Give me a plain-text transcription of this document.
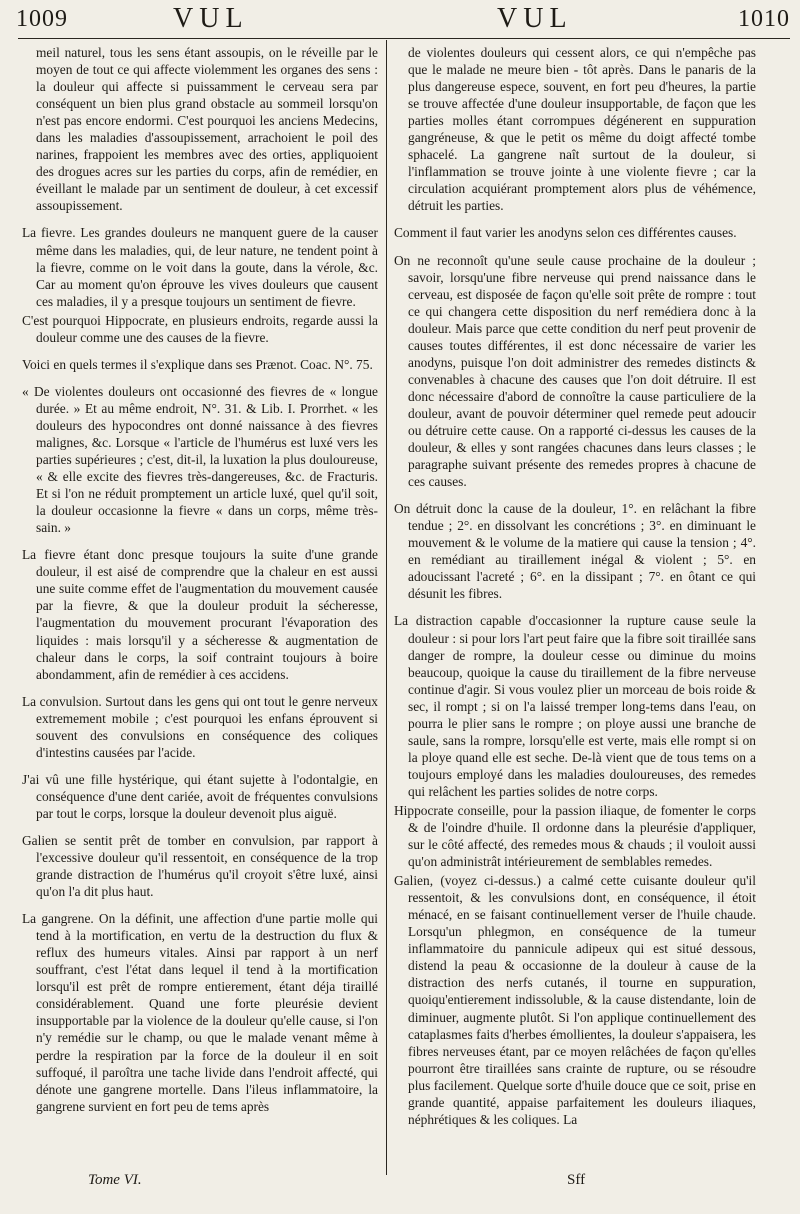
1009	VUL	VUL	1010

meil naturel, tous les sens étant assoupis, on le réveille par le moyen de tout ce qui affecte violemment les organes des sens : la douleur qui affecte si puissamment le cerveau sera par conséquent un bien plus grand obstacle au sommeil lorsqu'on n'est pas encore endormi. C'est pourquoi les anciens Medecins, dans les maladies d'assoupissement, arrachoient le poil des narines, frappoient les membres avec des orties, appliquoient des drogues acres sur les parties du corps, afin de remédier, en éveillant le malade par un sentiment de douleur, à cet excessif assoupissement.

La fievre. Les grandes douleurs ne manquent guere de la causer même dans les maladies, qui, de leur nature, ne tendent point à la fievre, comme on le voit dans la goute, dans la vérole, &c. Car au moment qu'on éprouve les vives douleurs que causent ces maladies, il y a presque toujours un sentiment de fievre.

C'est pourquoi Hippocrate, en plusieurs endroits, regarde aussi la douleur comme une des causes de la fievre.

Voici en quels termes il s'explique dans ses Prænot. Coac. N°. 75.

« De violentes douleurs ont occasionné des fievres de « longue durée. » Et au même endroit, N°. 31. & Lib. I. Prorrhet. « les douleurs des hypocondres ont donné naissance à des fievres malignes, &c. Lorsque « l'article de l'humérus est luxé vers les parties supérieures ; c'est, dit-il, la luxation la plus douloureuse, « & elle excite des fievres très-dangereuses, &c. de Fracturis. Et si l'on ne réduit promptement un article luxé, quel qu'il soit, la douleur occasionne la fievre « dans un corps, même très-sain. »

La fievre étant donc presque toujours la suite d'une grande douleur, il est aisé de comprendre que la chaleur en est aussi une suite comme effet de l'augmentation du mouvement causée par la fievre, & que la douleur produit la sécheresse, l'augmentation du mouvement procurant l'évaporation des liquides : mais lorsqu'il y a sécheresse & augmentation de chaleur dans le corps, la soif contraint toujours à boire abondamment, afin de remédier à ces accidens.

La convulsion. Surtout dans les gens qui ont tout le genre nerveux extremement mobile ; c'est pourquoi les enfans éprouvent si souvent des convulsions en conséquence des coliques d'intestins causées par l'acide.

J'ai vû une fille hystérique, qui étant sujette à l'odontalgie, en conséquence d'une dent cariée, avoit de fréquentes convulsions par tout le corps, lorsque la douleur devenoit plus aiguë.

Galien se sentit prêt de tomber en convulsion, par rapport à l'excessive douleur qu'il ressentoit, en conséquence de la trop grande distraction de l'humérus qu'il croyoit s'être luxé, ainsi qu'on l'a dit plus haut.

La gangrene. On la définit, une affection d'une partie molle qui tend à la mortification, en vertu de la destruction du flux & reflux des humeurs vitales. Ainsi par rapport à un nerf souffrant, c'est l'état dans lequel il tend à la mortification lorsqu'il est prêt de rompre entierement, étant déja tiraillé considérablement. Quand une forte pleurésie devient insupportable par la violence de la douleur qu'elle cause, si l'on n'y remédie sur le champ, ou que le malade venant même à perdre la respiration par la force de la douleur il en soit suffoqué, il paroîtra une tache livide dans l'endroit affecté, qui dénote une gangrene mortelle. Dans l'ileus inflammatoire, la gangrene survient en fort peu de tems après

de violentes douleurs qui cessent alors, ce qui n'empêche pas que le malade ne meure bien - tôt après. Dans le panaris de la plus dangereuse espece, souvent, en fort peu d'heures, la partie se trouve affectée d'une douleur insupportable, de façon que les parties molles étant corrompues dégénerent en suppuration gangréneuse, & que le petit os même du doigt affecté tombe sphacelé. La gangrene naît surtout de la douleur, si l'inflammation se trouve jointe à une violente fievre ; car la circulation acquiérant promptement alors plus de véhémence, détruit les parties.

Comment il faut varier les anodyns selon ces différentes causes.

On ne reconnoît qu'une seule cause prochaine de la douleur ; savoir, lorsqu'une fibre nerveuse qui prend naissance dans le cerveau, est disposée de façon qu'elle soit prête de rompre : tout ce qui changera cette disposition du nerf remédiera donc à la douleur. Mais parce que cette condition du nerf peut provenir de causes toutes différentes, il est donc nécessaire de varier les anodyns, puisque l'on doit administrer des remedes distincts & convenables à chacune des causes que l'on doit détruire. Il est donc nécessaire d'abord de connoître la cause particuliere de la douleur, avant de pouvoir déterminer quel remede peut adoucir ou détruire cette cause. On a rapporté ci-dessus les causes de la douleur, & elles y sont rangées chacunes dans leurs classes ; le paragraphe suivant présente des remedes propres à chacune de ces causes.

On détruit donc la cause de la douleur, 1°. en relâchant la fibre tendue ; 2°. en dissolvant les concrétions ; 3°. en diminuant le mouvement & le volume de la matiere qui cause la tension ; 4°. en remédiant au tiraillement inégal & violent ; 5°. en adoucissant l'acreté ; 6°. en la dissipant ; 7°. en ôtant ce qui désunit les fibres.

La distraction capable d'occasionner la rupture cause seule la douleur : si pour lors l'art peut faire que la fibre soit tiraillée sans danger de rompre, la douleur cesse ou diminue du moins beaucoup, quoique la cause du tiraillement de la fibre nerveuse continue d'agir. Si vous voulez plier un morceau de bois roide & sec, il rompt ; si on l'a laissé tremper long-tems dans l'eau, on pourra le plier sans le rompre ; on ploye aussi une branche de saule, sans la rompre, lorsqu'elle est verte, mais elle rompt si on la ploye quand elle est seche. De-là vient que de tous tems on a toujours employé dans les maladies douloureuses, des remedes qui relâchent les parties solides de notre corps.

Hippocrate conseille, pour la passion iliaque, de fomenter le corps & de l'oindre d'huile. Il ordonne dans la pleurésie d'appliquer, sur le côté affecté, des remedes mous & chauds ; il vouloit aussi qu'on administrât intérieurement de semblables remedes.

Galien, (voyez ci-dessus.) a calmé cette cuisante douleur qu'il ressentoit, & les convulsions dont, en conséquence, il étoit ménacé, en se faisant continuellement verser de l'huile chaude. Lorsqu'un phlegmon, en conséquence de la tumeur inflammatoire du pannicule adipeux qui est situé dessous, distend la peau & occasionne de la douleur à cause de la distraction des nerfs cutanés, il tourne en suppuration, quoiqu'entierement indissoluble, & la cause distendante, loin de diminuer, augmente plutôt. Si l'on applique continuellement des cataplasmes faits d'herbes émollientes, la douleur s'appaisera, les fibres nerveuses étant, par ce moyen relâchées de façon qu'elles pourront être tiraillées sans crainte de rupture, ou se résoudre plus facilement. Quelque sorte d'huile douce que ce soit, prise en grande quantité, appaise parfaitement les douleurs iliaques, néphrétiques & les coliques. La

Tome VI.	Sff
